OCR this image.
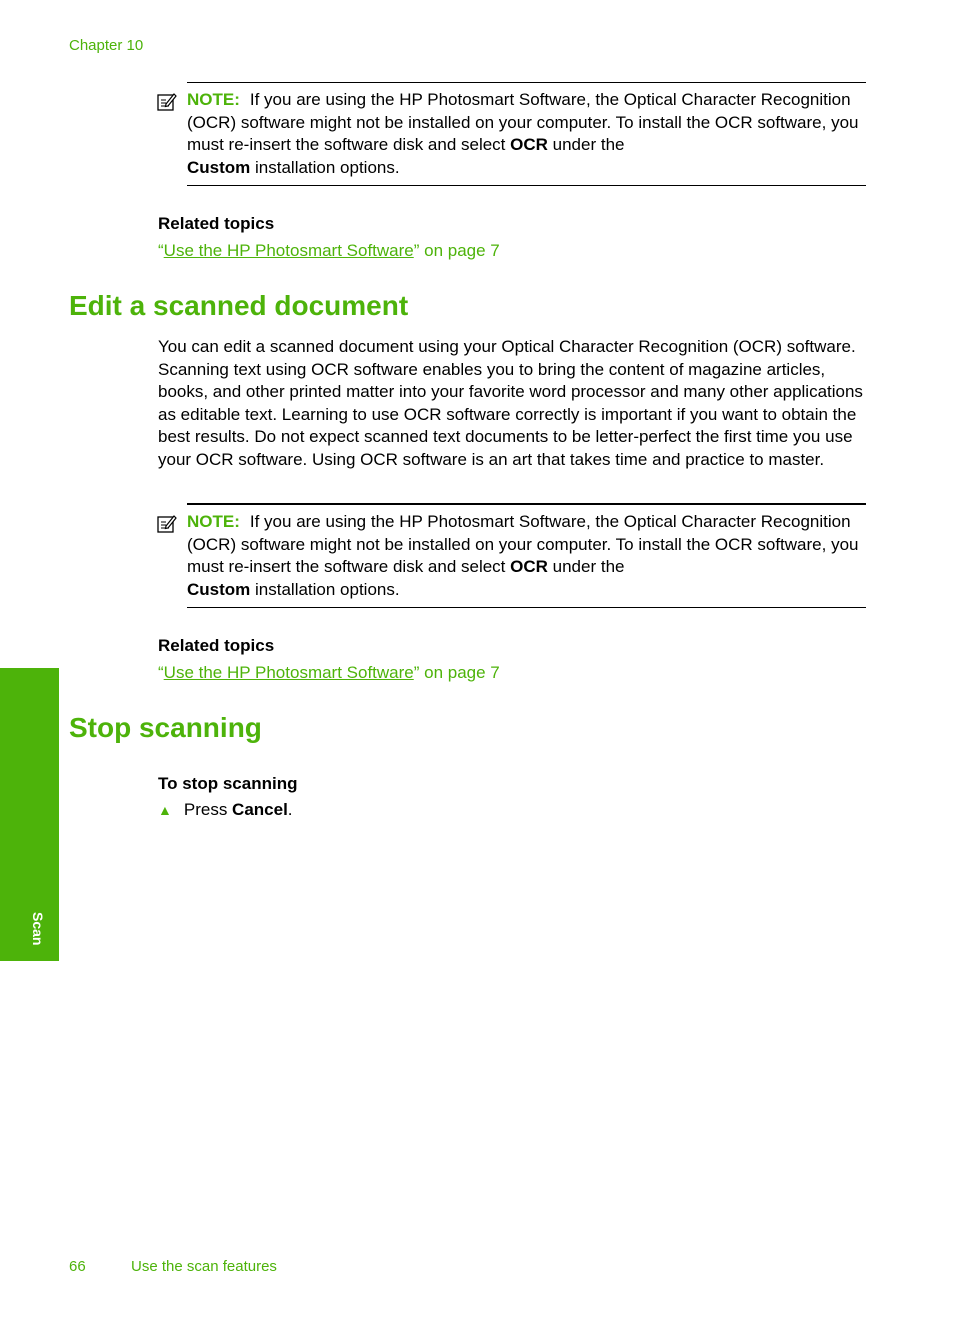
Chapter 10
NOTE: If you are using the HP Photosmart Software, the Optical Character Recognition (OCR) software might not be installed on your computer. To install the OCR software, you must re-insert the software disk and select OCR under the
Custom installation options.
Related topics
“Use the HP Photosmart Software” on page 7
Edit a scanned document

You can edit a scanned document using your Optical Character Recognition (OCR) software. Scanning text using OCR software enables you to bring the content of magazine articles, books, and other printed matter into your favorite word processor and many other applications as editable text. Learning to use OCR software correctly is important if you want to obtain the best results. Do not expect scanned text documents to be letter-perfect the first time you use your OCR software. Using OCR software is an art that takes time and practice to master.

NOTE: If you are using the HP Photosmart Software, the Optical Character Recognition (OCR) software might not be installed on your computer. To install the OCR software, you must re-insert the software disk and select OCR under the
Custom installation options.
Related topics
“Use the HP Photosmart Software” on page 7
Stop scanning
To stop scanning
▲ Press Cancel.
Scan
66	Use the scan features
